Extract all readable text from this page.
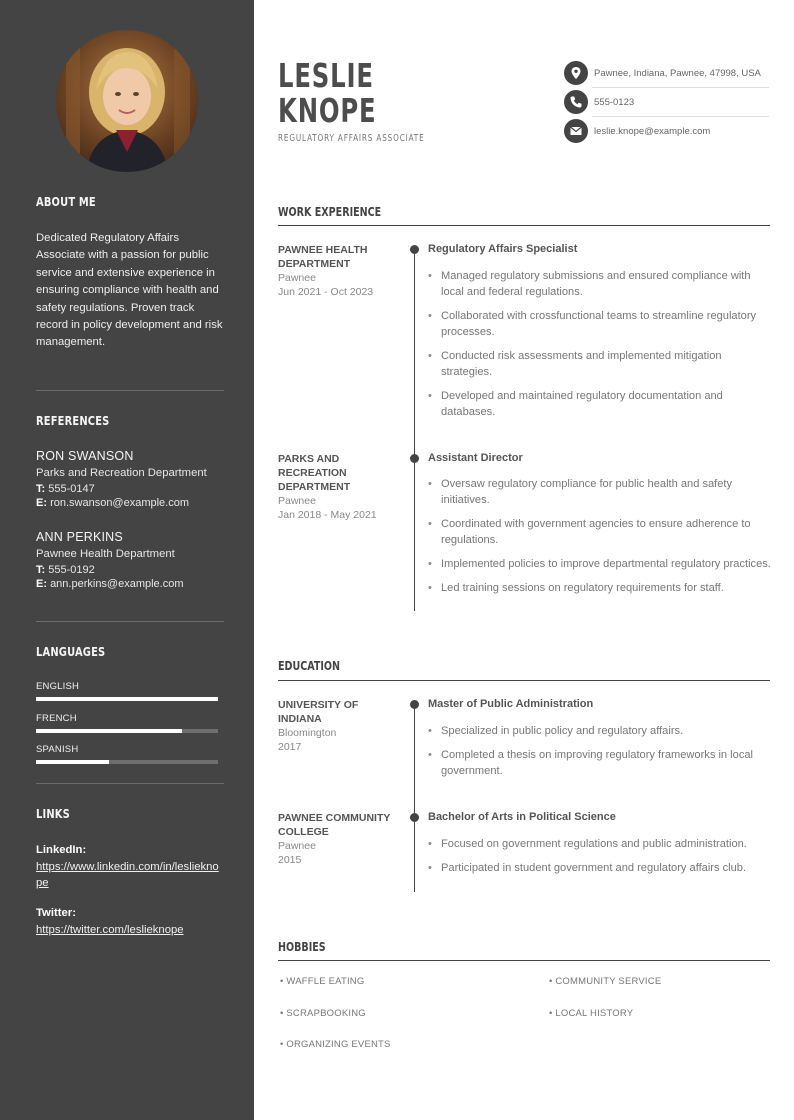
ABOUT ME
Dedicated Regulatory Affairs Associate with a passion for public service and extensive experience in ensuring compliance with health and safety regulations. Proven track record in policy development and risk management.
REFERENCES
RON SWANSON
Parks and Recreation Department
T: 555-0147
E: ron.swanson@example.com
ANN PERKINS
Pawnee Health Department
T: 555-0192
E: ann.perkins@example.com
LANGUAGES
ENGLISH
FRENCH
SPANISH
LINKS
LinkedIn:
https://www.linkedin.com/in/leslieknope
Twitter:
https://twitter.com/leslieknope
LESLIE
KNOPE
REGULATORY AFFAIRS ASSOCIATE
Pawnee, Indiana, Pawnee, 47998, USA
555-0123
leslie.knope@example.com
WORK EXPERIENCE
PAWNEE HEALTH DEPARTMENT
Pawnee
Jun 2021 - Oct 2023
Regulatory Affairs Specialist
• Managed regulatory submissions and ensured compliance with local and federal regulations.
• Collaborated with crossfunctional teams to streamline regulatory processes.
• Conducted risk assessments and implemented mitigation strategies.
• Developed and maintained regulatory documentation and databases.
PARKS AND RECREATION DEPARTMENT
Pawnee
Jan 2018 - May 2021
Assistant Director
• Oversaw regulatory compliance for public health and safety initiatives.
• Coordinated with government agencies to ensure adherence to regulations.
• Implemented policies to improve departmental regulatory practices.
• Led training sessions on regulatory requirements for staff.
EDUCATION
UNIVERSITY OF INDIANA
Bloomington
2017
Master of Public Administration
• Specialized in public policy and regulatory affairs.
• Completed a thesis on improving regulatory frameworks in local government.
PAWNEE COMMUNITY COLLEGE
Pawnee
2015
Bachelor of Arts in Political Science
• Focused on government regulations and public administration.
• Participated in student government and regulatory affairs club.
HOBBIES
• WAFFLE EATING	• COMMUNITY SERVICE
• SCRAPBOOKING	• LOCAL HISTORY
• ORGANIZING EVENTS
